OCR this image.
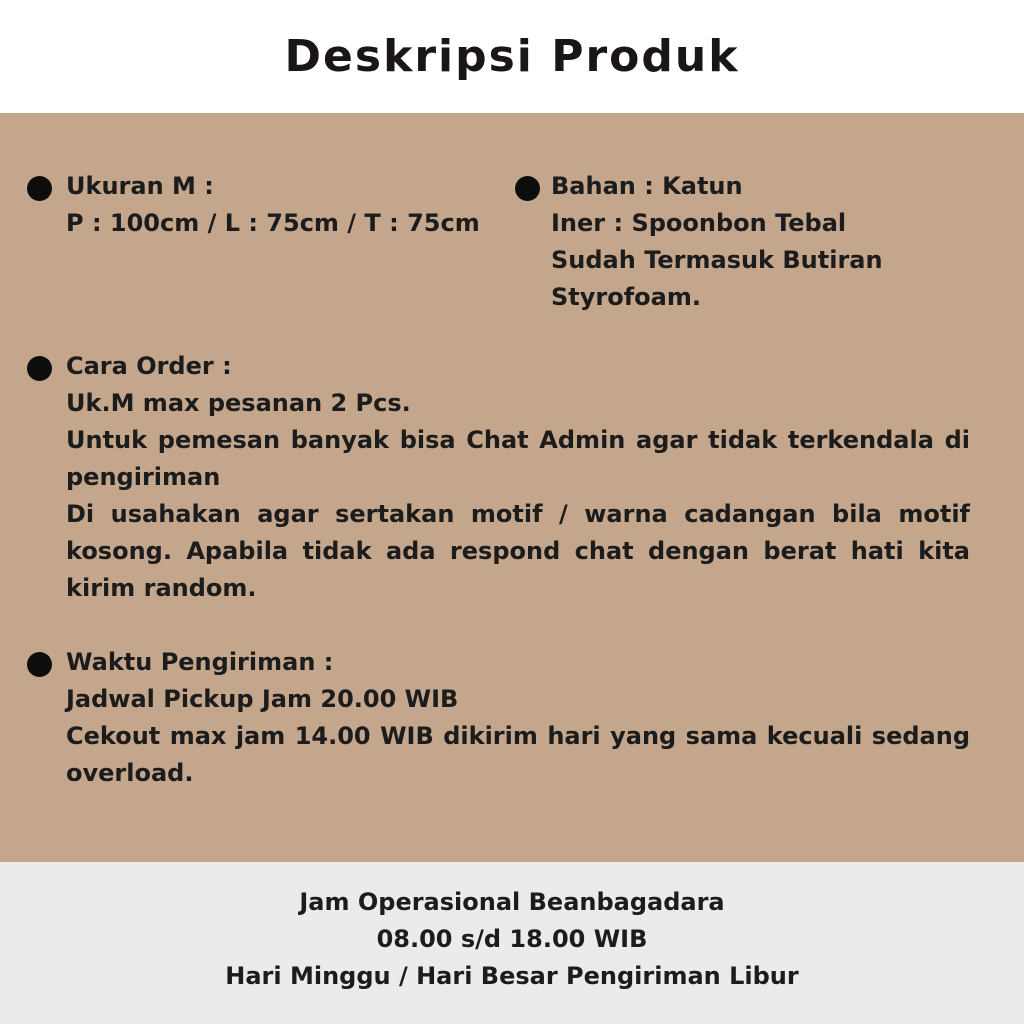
Deskripsi Produk
Ukuran M :
P : 100cm / L : 75cm / T : 75cm
Bahan : Katun
Iner : Spoonbon Tebal
Sudah Termasuk Butiran
Styrofoam.
Cara Order :
Uk.M max pesanan 2 Pcs.
Untuk pemesan banyak bisa Chat Admin agar tidak terkendala di
pengiriman
Di usahakan agar sertakan motif / warna cadangan bila motif
kosong. Apabila tidak ada respond chat dengan berat hati kita
kirim random.
Waktu Pengiriman :
Jadwal Pickup Jam 20.00 WIB
Cekout max jam 14.00 WIB dikirim hari yang sama kecuali sedang
overload.
Jam Operasional Beanbagadara
08.00 s/d 18.00 WIB
Hari Minggu / Hari Besar Pengiriman Libur
